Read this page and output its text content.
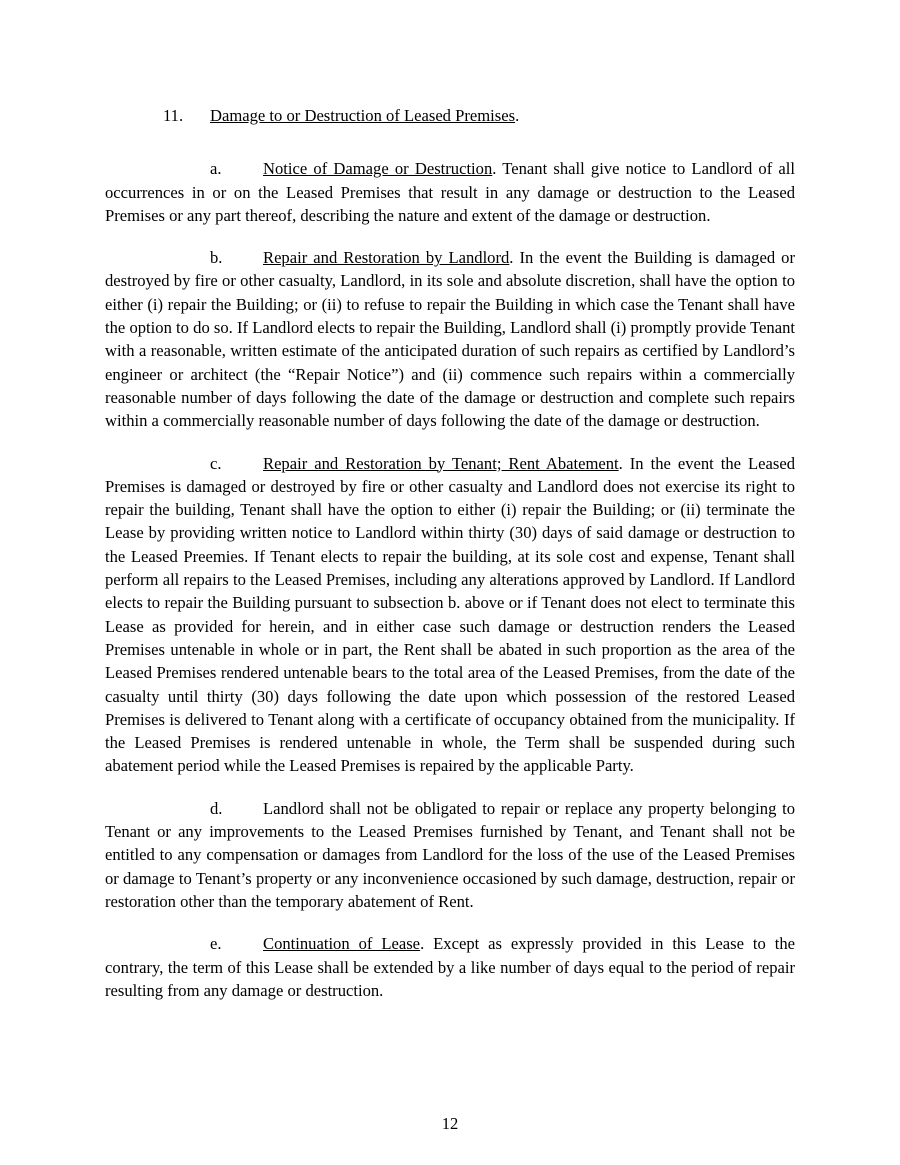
11. Damage to or Destruction of Leased Premises.

a. Notice of Damage or Destruction. Tenant shall give notice to Landlord of all occurrences in or on the Leased Premises that result in any damage or destruction to the Leased Premises or any part thereof, describing the nature and extent of the damage or destruction.

b. Repair and Restoration by Landlord. In the event the Building is damaged or destroyed by fire or other casualty, Landlord, in its sole and absolute discretion, shall have the option to either (i) repair the Building; or (ii) to refuse to repair the Building in which case the Tenant shall have the option to do so. If Landlord elects to repair the Building, Landlord shall (i) promptly provide Tenant with a reasonable, written estimate of the anticipated duration of such repairs as certified by Landlord’s engineer or architect (the “Repair Notice”) and (ii) commence such repairs within a commercially reasonable number of days following the date of the damage or destruction and complete such repairs within a commercially reasonable number of days following the date of the damage or destruction.

c. Repair and Restoration by Tenant; Rent Abatement. In the event the Leased Premises is damaged or destroyed by fire or other casualty and Landlord does not exercise its right to repair the building, Tenant shall have the option to either (i) repair the Building; or (ii) terminate the Lease by providing written notice to Landlord within thirty (30) days of said damage or destruction to the Leased Preemies. If Tenant elects to repair the building, at its sole cost and expense, Tenant shall perform all repairs to the Leased Premises, including any alterations approved by Landlord. If Landlord elects to repair the Building pursuant to subsection b. above or if Tenant does not elect to terminate this Lease as provided for herein, and in either case such damage or destruction renders the Leased Premises untenable in whole or in part, the Rent shall be abated in such proportion as the area of the Leased Premises rendered untenable bears to the total area of the Leased Premises, from the date of the casualty until thirty (30) days following the date upon which possession of the restored Leased Premises is delivered to Tenant along with a certificate of occupancy obtained from the municipality. If the Leased Premises is rendered untenable in whole, the Term shall be suspended during such abatement period while the Leased Premises is repaired by the applicable Party.

d. Landlord shall not be obligated to repair or replace any property belonging to Tenant or any improvements to the Leased Premises furnished by Tenant, and Tenant shall not be entitled to any compensation or damages from Landlord for the loss of the use of the Leased Premises or damage to Tenant’s property or any inconvenience occasioned by such damage, destruction, repair or restoration other than the temporary abatement of Rent.

e. Continuation of Lease. Except as expressly provided in this Lease to the contrary, the term of this Lease shall be extended by a like number of days equal to the period of repair resulting from any damage or destruction.

12
